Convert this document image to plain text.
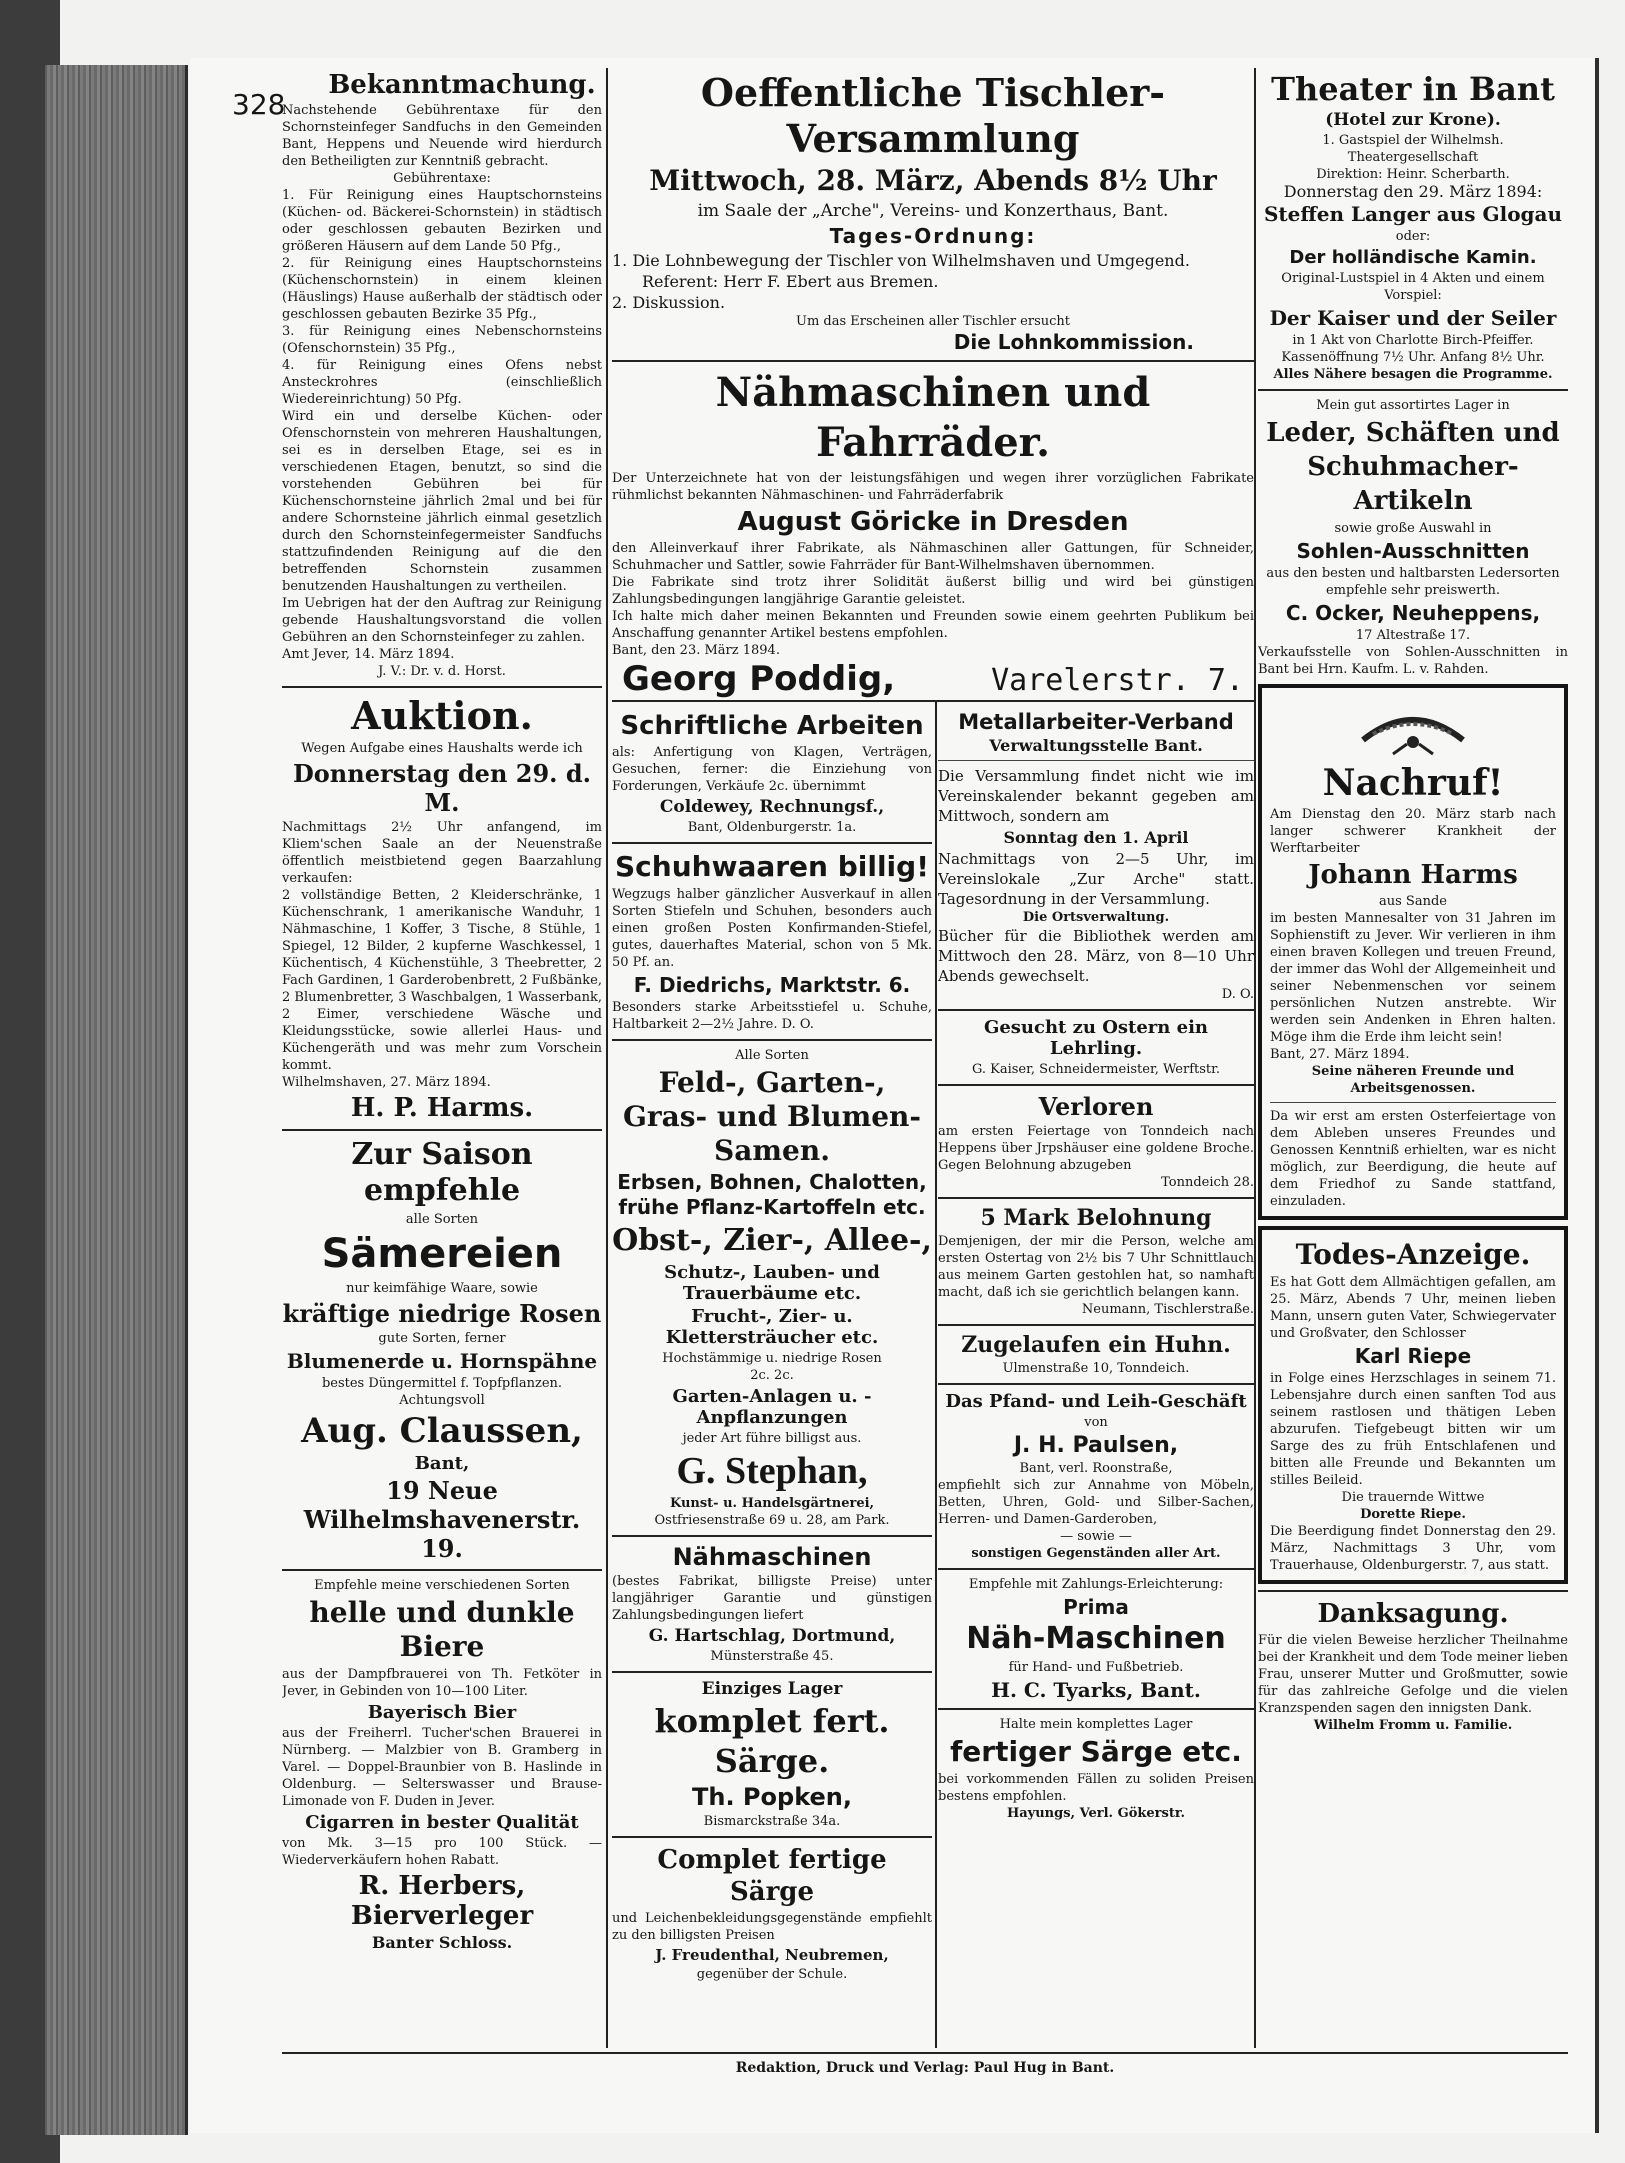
328
Bekanntmachung.

Nachstehende Gebührentaxe für den Schornsteinfeger Sandfuchs in den Gemeinden Bant, Heppens und Neuende wird hierdurch den Betheiligten zur Kenntniß gebracht.

Gebührentaxe:

1. Für Reinigung eines Hauptschornsteins (Küchen- od. Bäckerei-Schornstein) in städtisch oder geschlossen gebauten Bezirken und größeren Häusern auf dem Lande 50 Pfg.,

2. für Reinigung eines Hauptschornsteins (Küchenschornstein) in einem kleinen (Häuslings) Hause außerhalb der städtisch oder geschlossen gebauten Bezirke 35 Pfg.,

3. für Reinigung eines Nebenschornsteins (Ofenschornstein) 35 Pfg.,

4. für Reinigung eines Ofens nebst Ansteckrohres (einschließlich Wiedereinrichtung) 50 Pfg.

Wird ein und derselbe Küchen- oder Ofenschornstein von mehreren Haushaltungen, sei es in derselben Etage, sei es in verschiedenen Etagen, benutzt, so sind die vorstehenden Gebühren bei für Küchenschornsteine jährlich 2mal und bei für andere Schornsteine jährlich einmal gesetzlich durch den Schornsteinfegermeister Sandfuchs stattzufindenden Reinigung auf die den betreffenden Schornstein zusammen benutzenden Haushaltungen zu vertheilen.

Im Uebrigen hat der den Auftrag zur Reinigung gebende Haushaltungsvorstand die vollen Gebühren an den Schornsteinfeger zu zahlen.

Amt Jever, 14. März 1894.

J. V.: Dr. v. d. Horst.

Auktion.

Wegen Aufgabe eines Haushalts werde ich

Donnerstag den 29. d. M.

Nachmittags 2½ Uhr anfangend, im Kliem'schen Saale an der Neuenstraße öffentlich meistbietend gegen Baarzahlung verkaufen:

2 vollständige Betten, 2 Kleiderschränke, 1 Küchenschrank, 1 amerikanische Wanduhr, 1 Nähmaschine, 1 Koffer, 3 Tische, 8 Stühle, 1 Spiegel, 12 Bilder, 2 kupferne Waschkessel, 1 Küchentisch, 4 Küchenstühle, 3 Theebretter, 2 Fach Gardinen, 1 Garderobenbrett, 2 Fußbänke, 2 Blumenbretter, 3 Waschbalgen, 1 Wasserbank, 2 Eimer, verschiedene Wäsche und Kleidungsstücke, sowie allerlei Haus- und Küchengeräth und was mehr zum Vorschein kommt.

Wilhelmshaven, 27. März 1894.

H. P. Harms.
Zur Saison empfehle

alle Sorten

Sämereien

nur keimfähige Waare, sowie

kräftige niedrige Rosen

gute Sorten, ferner

Blumenerde u. Hornspähne

bestes Düngermittel f. Topfpflanzen.

Achtungsvoll

Aug. Claussen,
Bant,
19 Neue Wilhelmshavenerstr. 19.

Empfehle meine verschiedenen Sorten

helle und dunkle Biere

aus der Dampfbrauerei von Th. Fetköter in Jever, in Gebinden von 10—100 Liter.

Bayerisch Bier

aus der Freiherrl. Tucher'schen Brauerei in Nürnberg. — Malzbier von B. Gramberg in Varel. — Doppel-Braunbier von B. Haslinde in Oldenburg. — Selterswasser und Brause-Limonade von F. Duden in Jever.

Cigarren in bester Qualität

von Mk. 3—15 pro 100 Stück. — Wiederverkäufern hohen Rabatt.

R. Herbers, Bierverleger
Banter Schloss.
Oeffentliche Tischler-Versammlung
Mittwoch, 28. März, Abends 8½ Uhr

im Saale der „Arche", Vereins- und Konzerthaus, Bant.

Tages-Ordnung:

1. Die Lohnbewegung der Tischler von Wilhelmshaven und Umgegend.

Referent: Herr F. Ebert aus Bremen.

2. Diskussion.

Um das Erscheinen aller Tischler ersucht

Die Lohnkommission.
Nähmaschinen und Fahrräder.

Der Unterzeichnete hat von der leistungsfähigen und wegen ihrer vorzüglichen Fabrikate rühmlichst bekannten Nähmaschinen- und Fahrräderfabrik

August Göricke in Dresden

den Alleinverkauf ihrer Fabrikate, als Nähmaschinen aller Gattungen, für Schneider, Schuhmacher und Sattler, sowie Fahrräder für Bant-Wilhelmshaven übernommen.

Die Fabrikate sind trotz ihrer Solidität äußerst billig und wird bei günstigen Zahlungsbedingungen langjährige Garantie geleistet.

Ich halte mich daher meinen Bekannten und Freunden sowie einem geehrten Publikum bei Anschaffung genannter Artikel bestens empfohlen.

Bant, den 23. März 1894.

Georg Poddig,	Varelerstr. 7.
Schriftliche Arbeiten

als: Anfertigung von Klagen, Verträgen, Gesuchen, ferner: die Einziehung von Forderungen, Verkäufe 2c. übernimmt

Coldewey, Rechnungsf.,

Bant, Oldenburgerstr. 1a.

Schuhwaaren billig!

Wegzugs halber gänzlicher Ausverkauf in allen Sorten Stiefeln und Schuhen, besonders auch einen großen Posten Konfirmanden-Stiefel, gutes, dauerhaftes Material, schon von 5 Mk. 50 Pf. an.

F. Diedrichs, Marktstr. 6.

Besonders starke Arbeitsstiefel u. Schuhe, Haltbarkeit 2—2½ Jahre. D. O.

Alle Sorten

Feld-, Garten-, Gras- und Blumen-Samen.
Erbsen, Bohnen, Chalotten, frühe Pflanz-Kartoffeln etc.
Obst-, Zier-, Allee-,
Schutz-, Lauben- und Trauerbäume etc.
Frucht-, Zier- u. Klettersträucher etc.

Hochstämmige u. niedrige Rosen

2c. 2c.

Garten-Anlagen u. -Anpflanzungen

jeder Art führe billigst aus.

G. Stephan,

Kunst- u. Handelsgärtnerei,

Ostfriesenstraße 69 u. 28, am Park.

Nähmaschinen

(bestes Fabrikat, billigste Preise) unter langjähriger Garantie und günstigen Zahlungsbedingungen liefert

G. Hartschlag, Dortmund,

Münsterstraße 45.

Einziges Lager
komplet fert. Särge.
Th. Popken,

Bismarckstraße 34a.

Complet fertige Särge

und Leichenbekleidungsgegenstände empfiehlt zu den billigsten Preisen

J. Freudenthal, Neubremen,

gegenüber der Schule.

Metallarbeiter-Verband
Verwaltungsstelle Bant.

Die Versammlung findet nicht wie im Vereinskalender bekannt gegeben am Mittwoch, sondern am

Sonntag den 1. April

Nachmittags von 2—5 Uhr, im Vereinslokale „Zur Arche" statt. Tagesordnung in der Versammlung.

Die Ortsverwaltung.

Bücher für die Bibliothek werden am Mittwoch den 28. März, von 8—10 Uhr Abends gewechselt.

D. O.

Gesucht zu Ostern ein Lehrling.

G. Kaiser, Schneidermeister, Werftstr.

Verloren

am ersten Feiertage von Tonndeich nach Heppens über Jrpshäuser eine goldene Broche. Gegen Belohnung abzugeben

Tonndeich 28.

5 Mark Belohnung

Demjenigen, der mir die Person, welche am ersten Ostertag von 2½ bis 7 Uhr Schnittlauch aus meinem Garten gestohlen hat, so namhaft macht, daß ich sie gerichtlich belangen kann.

Neumann, Tischlerstraße.

Zugelaufen ein Huhn.

Ulmenstraße 10, Tonndeich.

Das Pfand- und Leih-Geschäft

von

J. H. Paulsen,

Bant, verl. Roonstraße,

empfiehlt sich zur Annahme von Möbeln, Betten, Uhren, Gold- und Silber-Sachen, Herren- und Damen-Garderoben,

— sowie —

sonstigen Gegenständen aller Art.

Empfehle mit Zahlungs-Erleichterung:

Prima
Näh-Maschinen

für Hand- und Fußbetrieb.

H. C. Tyarks, Bant.

Halte mein komplettes Lager

fertiger Särge etc.

bei vorkommenden Fällen zu soliden Preisen bestens empfohlen.

Hayungs, Verl. Gökerstr.

Theater in Bant
(Hotel zur Krone).

1. Gastspiel der Wilhelmsh. Theatergesellschaft

Direktion: Heinr. Scherbarth.

Donnerstag den 29. März 1894:

Steffen Langer aus Glogau

oder:

Der holländische Kamin.

Original-Lustspiel in 4 Akten und einem Vorspiel:

Der Kaiser und der Seiler

in 1 Akt von Charlotte Birch-Pfeiffer.

Kassenöffnung 7½ Uhr. Anfang 8½ Uhr.

Alles Nähere besagen die Programme.

Mein gut assortirtes Lager in

Leder, Schäften und Schuhmacher-Artikeln

sowie große Auswahl in

Sohlen-Ausschnitten

aus den besten und haltbarsten Ledersorten empfehle sehr preiswerth.

C. Ocker, Neuheppens,

17 Altestraße 17.

Verkaufsstelle von Sohlen-Ausschnitten in Bant bei Hrn. Kaufm. L. v. Rahden.

Nachruf!

Am Dienstag den 20. März starb nach langer schwerer Krankheit der Werftarbeiter

Johann Harms

aus Sande

im besten Mannesalter von 31 Jahren im Sophienstift zu Jever. Wir verlieren in ihm einen braven Kollegen und treuen Freund, der immer das Wohl der Allgemeinheit und seiner Nebenmenschen vor seinem persönlichen Nutzen anstrebte. Wir werden sein Andenken in Ehren halten. Möge ihm die Erde ihm leicht sein!

Bant, 27. März 1894.

Seine näheren Freunde und Arbeitsgenossen.

Da wir erst am ersten Osterfeiertage von dem Ableben unseres Freundes und Genossen Kenntniß erhielten, war es nicht möglich, zur Beerdigung, die heute auf dem Friedhof zu Sande stattfand, einzuladen.

Todes-Anzeige.

Es hat Gott dem Allmächtigen gefallen, am 25. März, Abends 7 Uhr, meinen lieben Mann, unsern guten Vater, Schwiegervater und Großvater, den Schlosser

Karl Riepe

in Folge eines Herzschlages in seinem 71. Lebensjahre durch einen sanften Tod aus seinem rastlosen und thätigen Leben abzurufen. Tiefgebeugt bitten wir um Sarge des zu früh Entschlafenen und bitten alle Freunde und Bekannten um stilles Beileid.

Die trauernde Wittwe

Dorette Riepe.

Die Beerdigung findet Donnerstag den 29. März, Nachmittags 3 Uhr, vom Trauerhause, Oldenburgerstr. 7, aus statt.

Danksagung.

Für die vielen Beweise herzlicher Theilnahme bei der Krankheit und dem Tode meiner lieben Frau, unserer Mutter und Großmutter, sowie für das zahlreiche Gefolge und die vielen Kranzspenden sagen den innigsten Dank.

Wilhelm Fromm u. Familie.

Redaktion, Druck und Verlag: Paul Hug in Bant.
